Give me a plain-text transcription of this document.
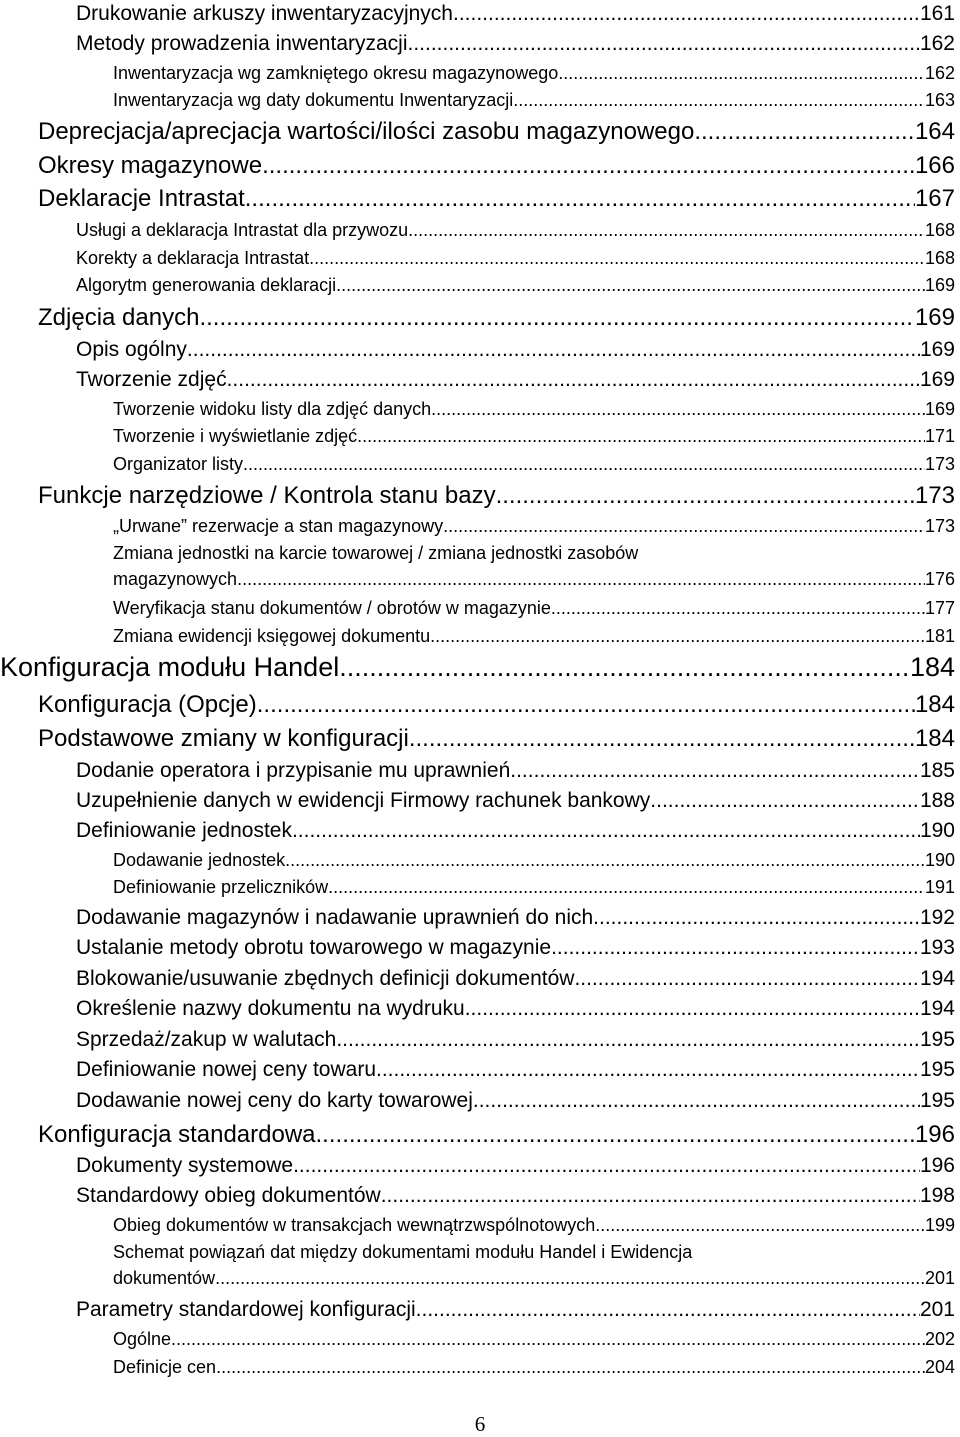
Drukowanie arkuszy inwentaryzacyjnych .....	161
Metody prowadzenia inwentaryzacji .....	162
Inwentaryzacja wg zamkniętego okresu magazynowego .....	162
Inwentaryzacja wg daty dokumentu Inwentaryzacji .....	163
Deprecjacja/aprecjacja wartości/ilości zasobu magazynowego .....	164
Okresy magazynowe .....	166
Deklaracje Intrastat .....	167
Usługi a deklaracja Intrastat dla przywozu .....	168
Korekty a deklaracja Intrastat .....	168
Algorytm generowania deklaracji .....	169
Zdjęcia danych .....	169
Opis ogólny .....	169
Tworzenie zdjęć .....	169
Tworzenie widoku listy dla zdjęć danych .....	169
Tworzenie i wyświetlanie zdjęć .....	171
Organizator listy .....	173
Funkcje narzędziowe / Kontrola stanu bazy .....	173
„Urwane” rezerwacje a stan magazynowy .....	173
Zmiana jednostki na karcie towarowej / zmiana jednostki zasobów
magazynowych .....	176
Weryfikacja stanu dokumentów / obrotów w magazynie .....	177
Zmiana ewidencji księgowej dokumentu .....	181
Konfiguracja modułu Handel .....	184
Konfiguracja (Opcje) .....	184
Podstawowe zmiany w konfiguracji .....	184
Dodanie operatora i przypisanie mu uprawnień .....	185
Uzupełnienie danych w ewidencji Firmowy rachunek bankowy .....	188
Definiowanie jednostek .....	190
Dodawanie jednostek .....	190
Definiowanie przeliczników .....	191
Dodawanie magazynów i nadawanie uprawnień do nich .....	192
Ustalanie metody obrotu towarowego w magazynie .....	193
Blokowanie/usuwanie zbędnych definicji dokumentów .....	194
Określenie nazwy dokumentu na wydruku .....	194
Sprzedaż/zakup w walutach .....	195
Definiowanie nowej ceny towaru .....	195
Dodawanie nowej ceny do karty towarowej .....	195
Konfiguracja standardowa .....	196
Dokumenty systemowe .....	196
Standardowy obieg dokumentów .....	198
Obieg dokumentów w transakcjach wewnątrzwspólnotowych .....	199
Schemat powiązań dat między dokumentami modułu Handel i Ewidencja
dokumentów .....	201
Parametry standardowej konfiguracji .....	201
Ogólne .....	202
Definicje cen .....	204
6
